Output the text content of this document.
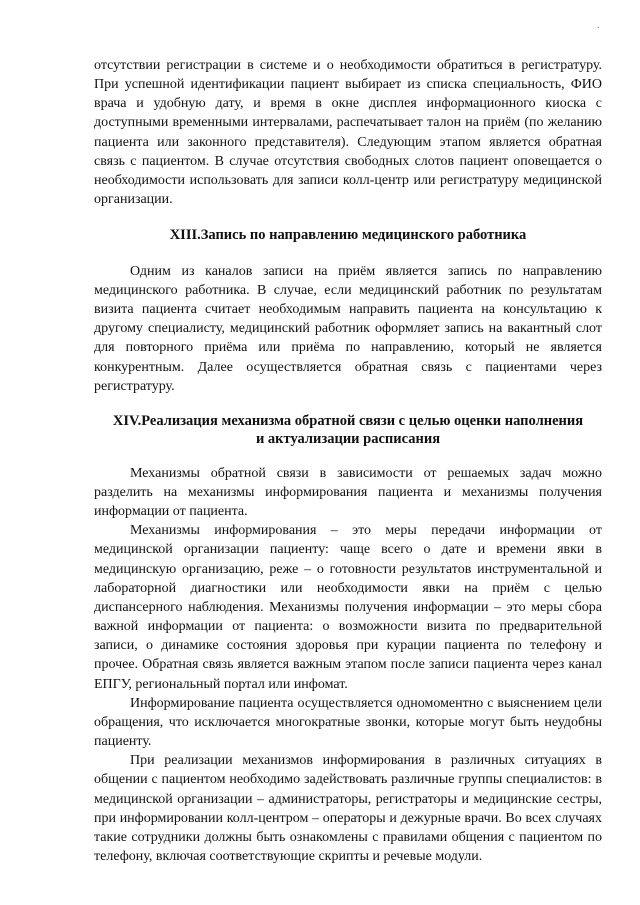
·

отсутствии регистрации в системе и о необходимости обратиться в регистратуру. При успешной идентификации пациент выбирает из списка специальность, ФИО врача и удобную дату, и время в окне дисплея информационного киоска с доступными временными интервалами, распечатывает талон на приём (по желанию пациента или законного представителя). Следующим этапом является обратная связь с пациентом. В случае отсутствия свободных слотов пациент оповещается о необходимости использовать для записи колл-центр или регистратуру медицинской организации.

XIII.Запись по направлению медицинского работника

Одним из каналов записи на приём является запись по направлению медицинского работника. В случае, если медицинский работник по результатам визита пациента считает необходимым направить пациента на консультацию к другому специалисту, медицинский работник оформляет запись на вакантный слот для повторного приёма или приёма по направлению, который не является конкурентным. Далее осуществляется обратная связь с пациентами через регистратуру.

XIV.Реализация механизма обратной связи с целью оценки наполнения
и актуализации расписания

Механизмы обратной связи в зависимости от решаемых задач можно разделить на механизмы информирования пациента и механизмы получения информации от пациента.

Механизмы информирования – это меры передачи информации от медицинской организации пациенту: чаще всего о дате и времени явки в медицинскую организацию, реже – о готовности результатов инструментальной и лабораторной диагностики или необходимости явки на приём с целью диспансерного наблюдения. Механизмы получения информации – это меры сбора важной информации от пациента: о возможности визита по предварительной записи, о динамике состояния здоровья при курации пациента по телефону и прочее. Обратная связь является важным этапом после записи пациента через канал ЕПГУ, региональный портал или инфомат.

Информирование пациента осуществляется одномоментно с выяснением цели обращения, что исключается многократные звонки, которые могут быть неудобны пациенту.

При реализации механизмов информирования в различных ситуациях в общении с пациентом необходимо задействовать различные группы специалистов: в медицинской организации – администраторы, регистраторы и медицинские сестры, при информировании колл-центром – операторы и дежурные врачи. Во всех случаях такие сотрудники должны быть ознакомлены с правилами общения с пациентом по телефону, включая соответствующие скрипты и речевые модули.
